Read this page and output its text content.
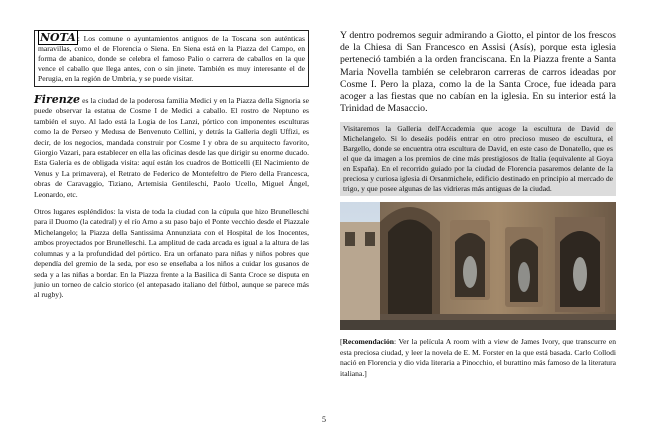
NOTA : Los comune o ayuntamientos antiguos de la Toscana son auténticas maravillas, como el de Florencia o Siena. En Siena está en la Piazza del Campo, en forma de abanico, donde se celebra el famoso Palio o carrera de caballos en la que vence el caballo que llega antes, con o sin jinete. También es muy interesante el de Perugia, en la región de Umbria, y se puede visitar.
Firenze es la ciudad de la poderosa familia Medici y en la Piazza della Signoria se puede observar la estatua de Cosme I de Medici a caballo. El rostro de Neptuno es también el suyo. Al lado está la Logia de los Lanzi, pórtico con imponentes esculturas como la de Perseo y Medusa de Benvenuto Cellini, y detrás la Galleria degli Uffizi, es decir, de los negocios, mandada construir por Cosme I y obra de su arquitecto favorito, Giorgio Vazari, para establecer en ella las oficinas desde las que dirigir su enorme ducado. Esta Galería es de obligada visita: aquí están los cuadros de Botticelli (El Nacimiento de Venus y La primavera), el Retrato de Federico de Montefeltro de Piero della Francesca, obras de Caravaggio, Tiziano, Artemisia Gentileschi, Paolo Ucello, Miguel Ángel, Leonardo, etc.
Otros lugares espléndidos: la vista de toda la ciudad con la cúpula que hizo Brunelleschi para il Duomo (la catedral) y el río Arno a su paso bajo el Ponte vecchio desde el Piazzale Michelangelo; la Piazza della Santissima Annunziata con el Hospital de los Inocentes, ambos proyectados por Brunelleschi. La amplitud de cada arcada es igual a la altura de las columnas y a la profundidad del pórtico. Era un orfanato para niñas y niños pobres que dependía del gremio de la seda, por eso se enseñaba a los niños a cuidar los gusanos de seda y a las niñas a bordar. En la Piazza frente a la Basilica di Santa Croce se disputa en junio un torneo de calcio storico (el antepasado italiano del fútbol, aunque se parece más al rugby).
Y dentro podremos seguir admirando a Giotto, el pintor de los frescos de la Chiesa di San Francesco en Assisi (Asís), porque esta iglesia perteneció también a la orden franciscana. En la Piazza frente a Santa Maria Novella también se celebraron carreras de carros ideadas por Cosme I. Pero la plaza, como la de la Santa Croce, fue ideada para acoger a las fiestas que no cabían en la iglesia. En su interior está la Trinidad de Masaccio.
Visitaremos la Galleria dell'Accademia que acoge la escultura de David de Michelangelo. Si lo deseáis podéis entrar en otro precioso museo de escultura, el Bargello, donde se encuentra otra escultura de David, en este caso de Donatello, que es el que da imagen a los premios de cine más prestigiosos de Italia (equivalente al Goya en España). En el recorrido guiado por la ciudad de Florencia pasaremos delante de la preciosa y curiosa iglesia di Orsanmichele, edificio destinado en principio al mercado de trigo, y que posee algunas de las vidrieras más antiguas de la ciudad.
[Recomendación: Ver la película A room with a view de James Ivory, que transcurre en esta preciosa ciudad, y leer la novela de E. M. Forster en la que está basada. Carlo Collodi nació en Florencia y dio vida literaria a Pinocchio, el burattino más famoso de la literatura italiana.]
5
